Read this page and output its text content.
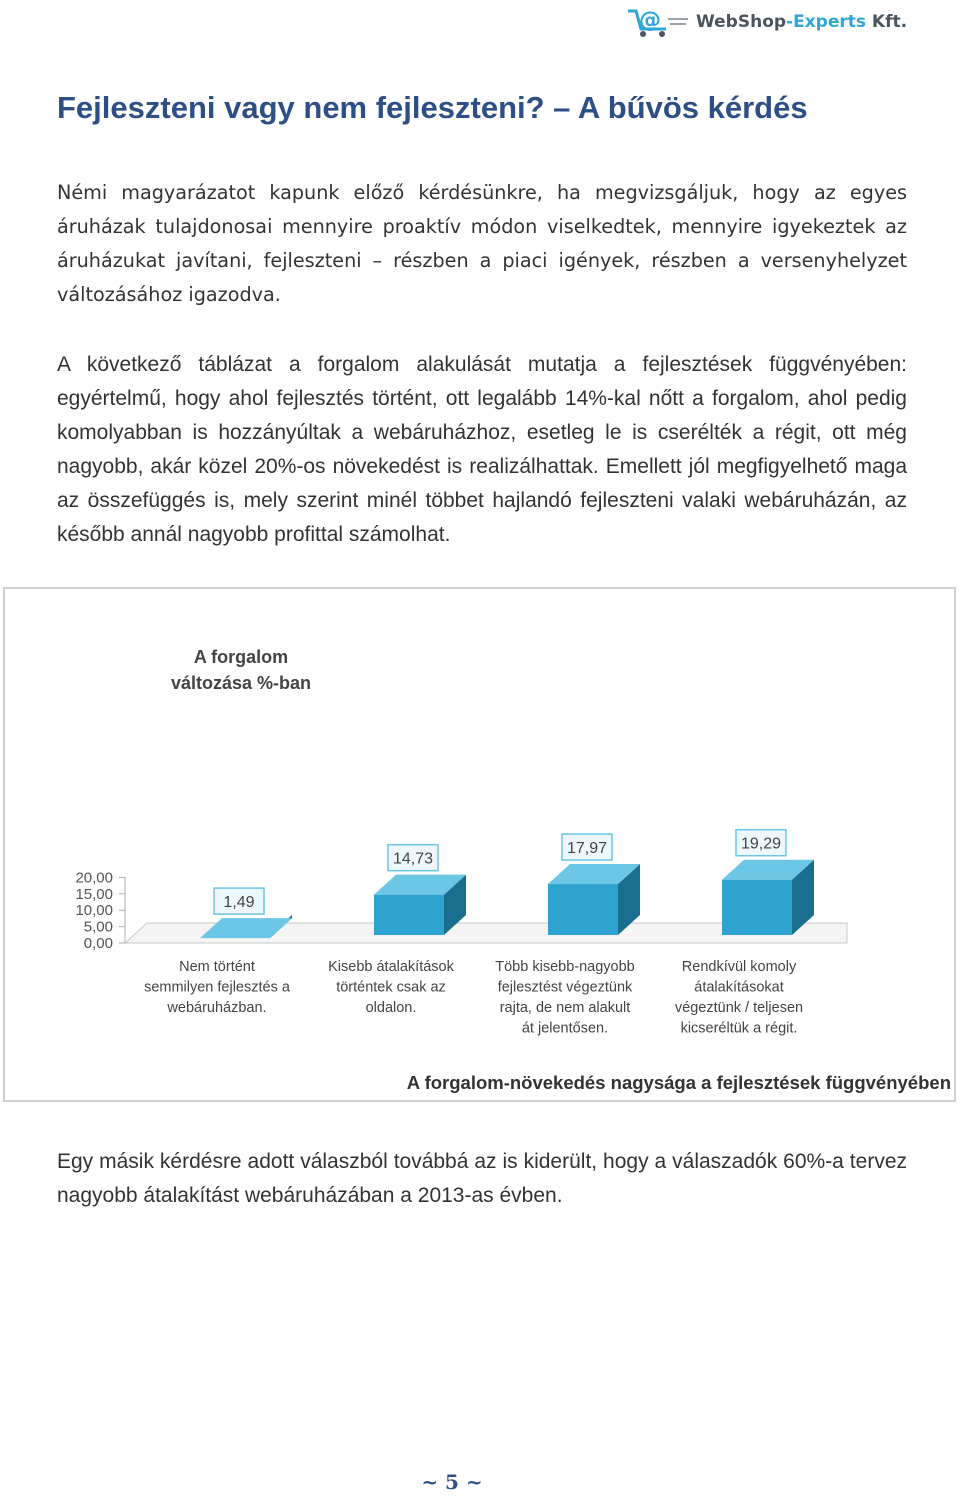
@ WebShop-Experts Kft.
Fejleszteni vagy nem fejleszteni? – A bűvös kérdés

Némi magyarázatot kapunk előző kérdésünkre, ha megvizsgáljuk, hogy az egyes áruházak tulajdonosai mennyire proaktív módon viselkedtek, mennyire igyekeztek az áruházukat javítani, fejleszteni – részben a piaci igények, részben a versenyhelyzet változásához igazodva.

A következő táblázat a forgalom alakulását mutatja a fejlesztések függvényében: egyértelmű, hogy ahol fejlesztés történt, ott legalább 14%-kal nőtt a forgalom, ahol pedig komolyabban is hozzányúltak a webáruházhoz, esetleg le is cserélték a régit, ott még nagyobb, akár közel 20%-os növekedést is realizálhattak. Emellett jól megfigyelhető maga az összefüggés is, mely szerint minél többet hajlandó fejleszteni valaki webáruházán, az később annál nagyobb profittal számolhat.

0,00
5,00
10,00
15,00
20,00
A forgalom
változása %-ban
1,49
14,73
17,97	19,29
Nem történt
semmilyen fejlesztés a
webáruházban.
Kisebb átalakítások
történtek csak az
oldalon.
Több kisebb-nagyobb
fejlesztést végeztünk
rajta, de nem alakult
át jelentősen.
Rendkívül komoly
átalakításokat
végeztünk / teljesen
kicseréltük a régit.
A forgalom-növekedés nagysága a fejlesztések függvényében

Egy másik kérdésre adott válaszból továbbá az is kiderült, hogy a válaszadók 60%-a tervez nagyobb átalakítást webáruházában a 2013-as évben.

~ 5 ~
